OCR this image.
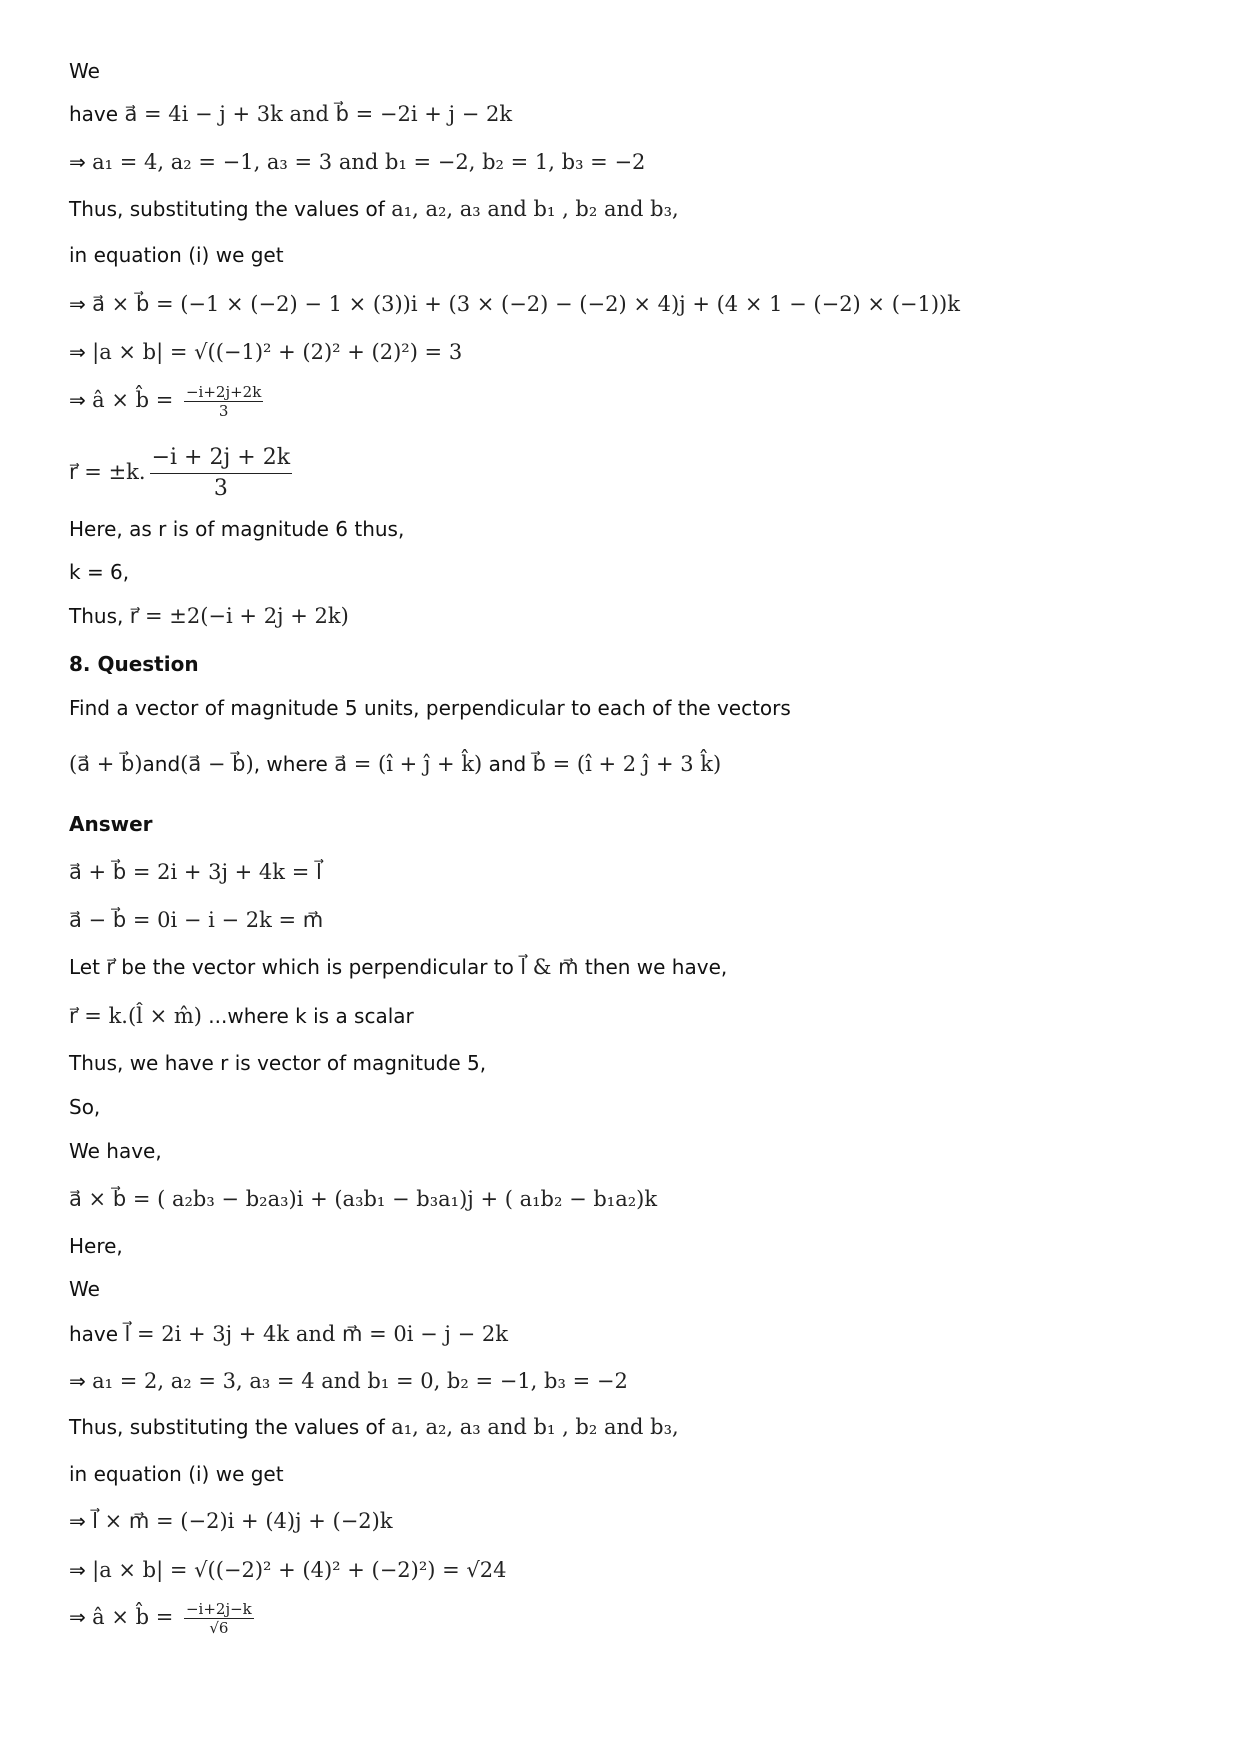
We
have a⃗ = 4i − j + 3k and b⃗ = −2i + j − 2k
⇒ a₁ = 4, a₂ = −1, a₃ = 3 and b₁ = −2, b₂ = 1, b₃ = −2
Thus, substituting the values of a₁, a₂, a₃ and b₁ , b₂ and b₃,
in equation (i) we get
⇒ a⃗ × b⃗ = (−1 × (−2) − 1 × (3))i + (3 × (−2) − (−2) × 4)j + (4 × 1 − (−2) × (−1))k
⇒ |a × b| = √((−1)² + (2)² + (2)²) = 3
⇒ â × b̂ = $\frac{-i+2j+2k}{3}$
r⃗ = ±k. $\frac{-i + 2j + 2k}{3}$
Here, as r is of magnitude 6 thus,
k = 6,
Thus, r⃗ = ±2(−i + 2j + 2k)
8. Question
Find a vector of magnitude 5 units, perpendicular to each of the vectors
(a⃗ + b⃗)and(a⃗ − b⃗), where a⃗ = (î + ĵ + k̂) and b⃗ = (î + 2 ĵ + 3 k̂)
Answer
a⃗ + b⃗ = 2i + 3j + 4k = l⃗
a⃗ − b⃗ = 0i − i − 2k = m⃗
Let r⃗ be the vector which is perpendicular to l⃗ & m⃗ then we have,
r⃗ = k.(l̂ × m̂) ...where k is a scalar
Thus, we have r is vector of magnitude 5,
So,
We have,
a⃗ × b⃗ = ( a₂b₃ − b₂a₃)i + (a₃b₁ − b₃a₁)j + ( a₁b₂ − b₁a₂)k
Here,
We
have l⃗ = 2i + 3j + 4k and m⃗ = 0i − j − 2k
⇒ a₁ = 2, a₂ = 3, a₃ = 4 and b₁ = 0, b₂ = −1, b₃ = −2
Thus, substituting the values of a₁, a₂, a₃ and b₁ , b₂ and b₃,
in equation (i) we get
⇒ l⃗ × m⃗ = (−2)i + (4)j + (−2)k
⇒ |a × b| = √((−2)² + (4)² + (−2)²) = √24
⇒ â × b̂ = $\frac{-i+2j-k}{√6}$
